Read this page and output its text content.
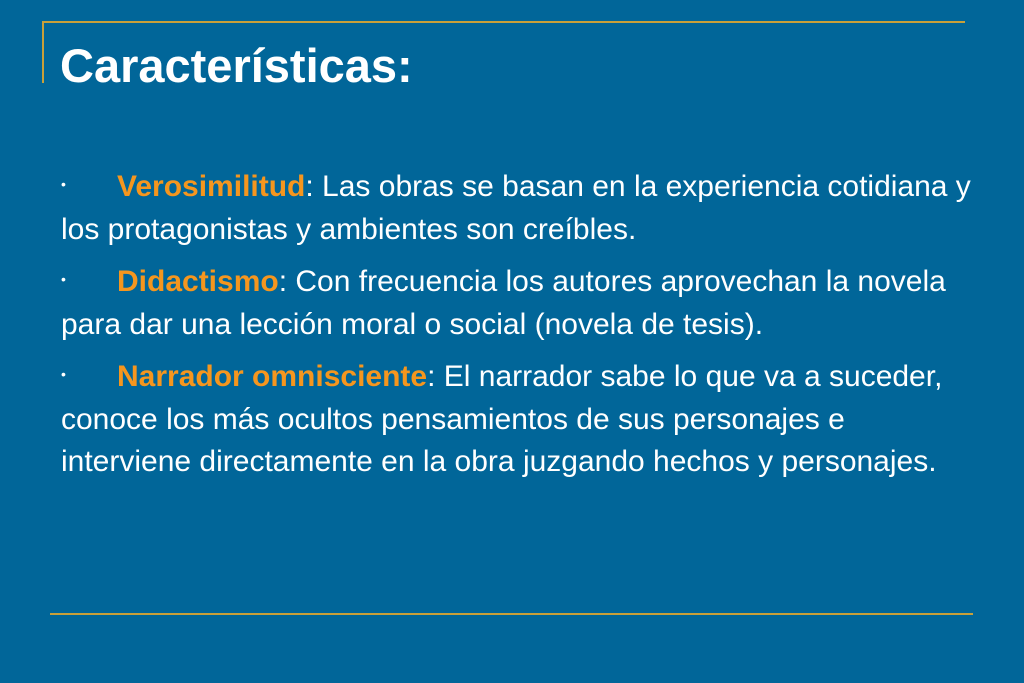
Características:
• Verosimilitud: Las obras se basan en la experiencia cotidiana y los protagonistas y ambientes son creíbles.
• Didactismo: Con frecuencia los autores aprovechan la novela para dar una lección moral o social (novela de tesis).
• Narrador omnisciente: El narrador sabe lo que va a suceder, conoce los más ocultos pensamientos de sus personajes e interviene directamente en la obra juzgando hechos y personajes.
